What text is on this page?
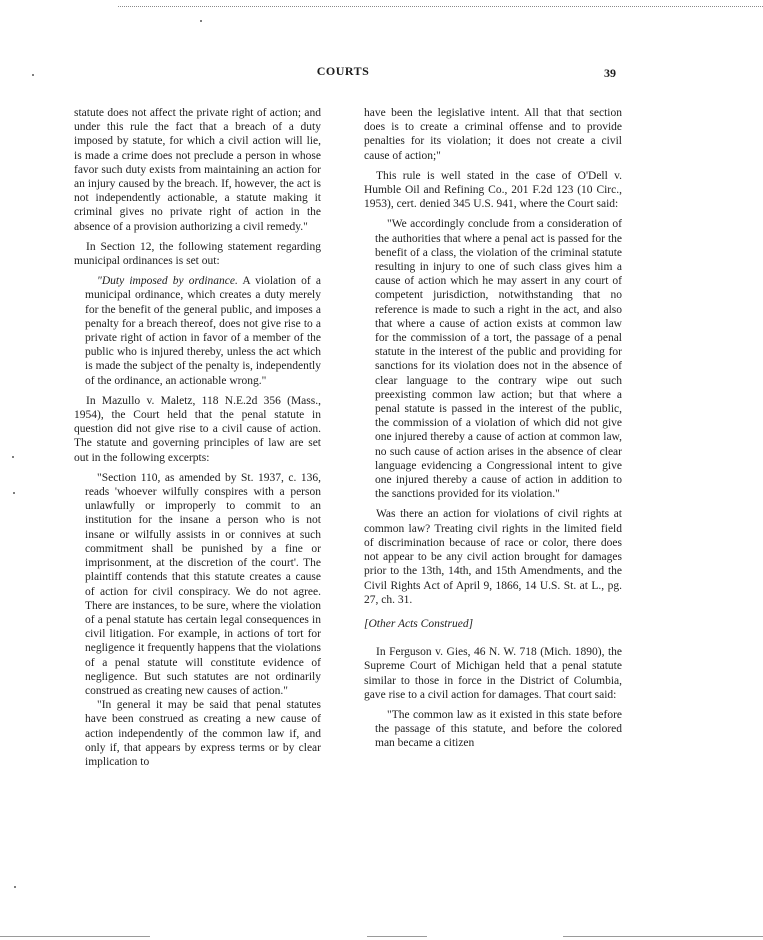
COURTS	39

statute does not affect the private right of action; and under this rule the fact that a breach of a duty imposed by statute, for which a civil action will lie, is made a crime does not preclude a person in whose favor such duty exists from maintaining an action for an injury caused by the breach. If, however, the act is not independently actionable, a statute making it criminal gives no private right of action in the absence of a provision authorizing a civil remedy."

In Section 12, the following statement regarding municipal ordinances is set out:

"Duty imposed by ordinance. A violation of a municipal ordinance, which creates a duty merely for the benefit of the general public, and imposes a penalty for a breach thereof, does not give rise to a private right of action in favor of a member of the public who is injured thereby, unless the act which is made the subject of the penalty is, independently of the ordinance, an actionable wrong."

In Mazullo v. Maletz, 118 N.E.2d 356 (Mass., 1954), the Court held that the penal statute in question did not give rise to a civil cause of action. The statute and governing principles of law are set out in the following excerpts:

"Section 110, as amended by St. 1937, c. 136, reads 'whoever wilfully conspires with a person unlawfully or improperly to commit to an institution for the insane a person who is not insane or wilfully assists in or connives at such commitment shall be punished by a fine or imprisonment, at the discretion of the court'. The plaintiff contends that this statute creates a cause of action for civil conspiracy. We do not agree. There are instances, to be sure, where the violation of a penal statute has certain legal consequences in civil litigation. For example, in actions of tort for negligence it frequently happens that the violations of a penal statute will constitute evidence of negligence. But such statutes are not ordinarily construed as creating new causes of action."

"In general it may be said that penal statutes have been construed as creating a new cause of action independently of the common law if, and only if, that appears by express terms or by clear implication to

have been the legislative intent. All that that section does is to create a criminal offense and to provide penalties for its violation; it does not create a civil cause of action;"

This rule is well stated in the case of O'Dell v. Humble Oil and Refining Co., 201 F.2d 123 (10 Circ., 1953), cert. denied 345 U.S. 941, where the Court said:

"We accordingly conclude from a consideration of the authorities that where a penal act is passed for the benefit of a class, the violation of the criminal statute resulting in injury to one of such class gives him a cause of action which he may assert in any court of competent jurisdiction, notwithstanding that no reference is made to such a right in the act, and also that where a cause of action exists at common law for the commission of a tort, the passage of a penal statute in the interest of the public and providing for sanctions for its violation does not in the absence of clear language to the contrary wipe out such preexisting common law action; but that where a penal statute is passed in the interest of the public, the commission of a violation of which did not give one injured thereby a cause of action at common law, no such cause of action arises in the absence of clear language evidencing a Congressional intent to give one injured thereby a cause of action in addition to the sanctions provided for its violation."

Was there an action for violations of civil rights at common law? Treating civil rights in the limited field of discrimination because of race or color, there does not appear to be any civil action brought for damages prior to the 13th, 14th, and 15th Amendments, and the Civil Rights Act of April 9, 1866, 14 U.S. St. at L., pg. 27, ch. 31.

[Other Acts Construed]

In Ferguson v. Gies, 46 N. W. 718 (Mich. 1890), the Supreme Court of Michigan held that a penal statute similar to those in force in the District of Columbia, gave rise to a civil action for damages. That court said:

"The common law as it existed in this state before the passage of this statute, and before the colored man became a citizen
